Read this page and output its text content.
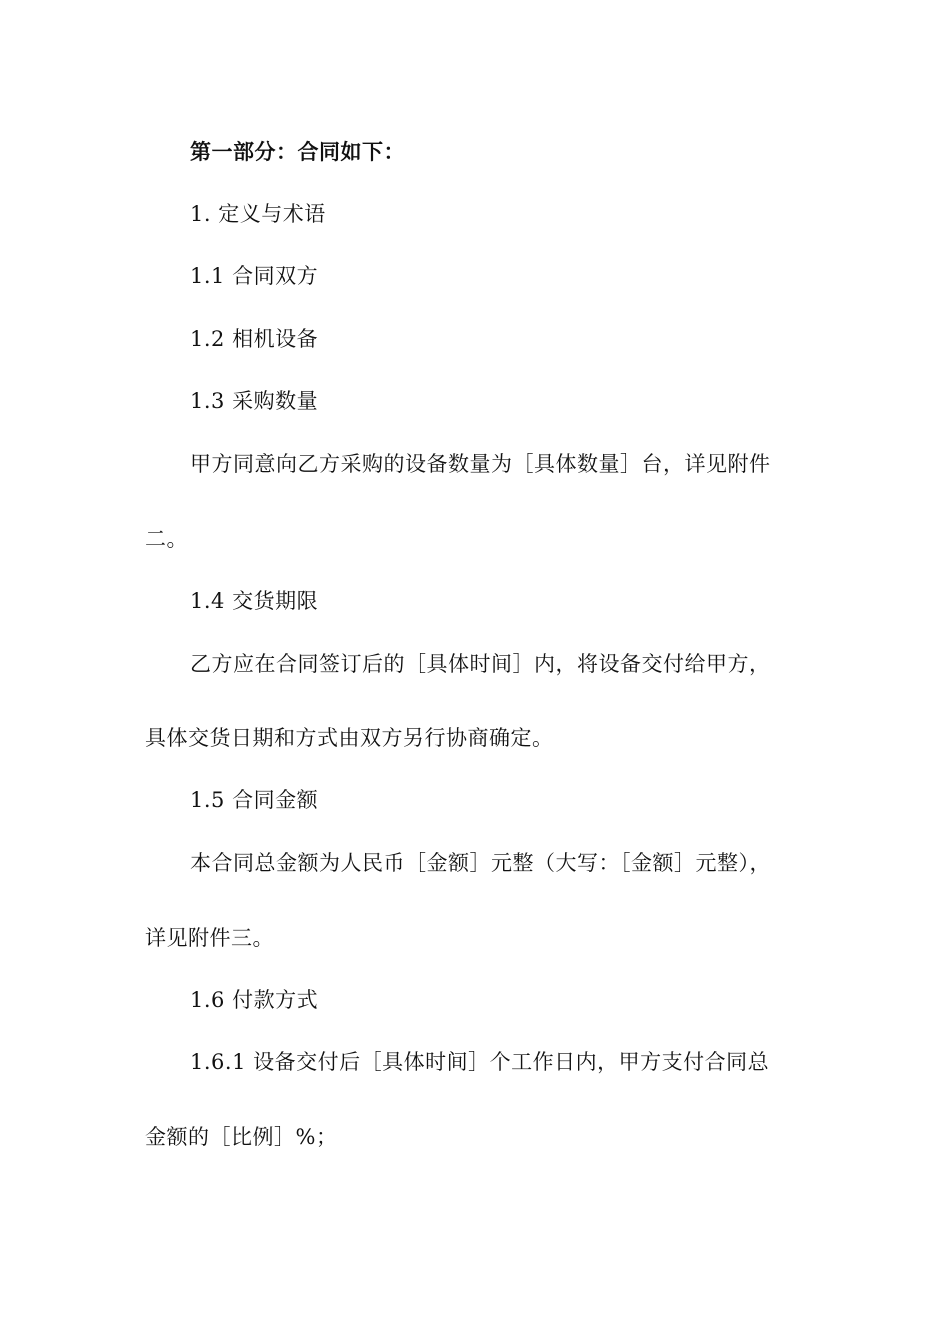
第一部分：合同如下：
1. 定义与术语
1.1 合同双方
1.2 相机设备
1.3 采购数量
甲方同意向乙方采购的设备数量为［具体数量］台，详见附件
二。
1.4 交货期限
乙方应在合同签订后的［具体时间］内，将设备交付给甲方，
具体交货日期和方式由双方另行协商确定。
1.5 合同金额
本合同总金额为人民币［金额］元整（大写：［金额］元整），
详见附件三。
1.6 付款方式
1.6.1 设备交付后［具体时间］个工作日内，甲方支付合同总
金额的［比例］%；
